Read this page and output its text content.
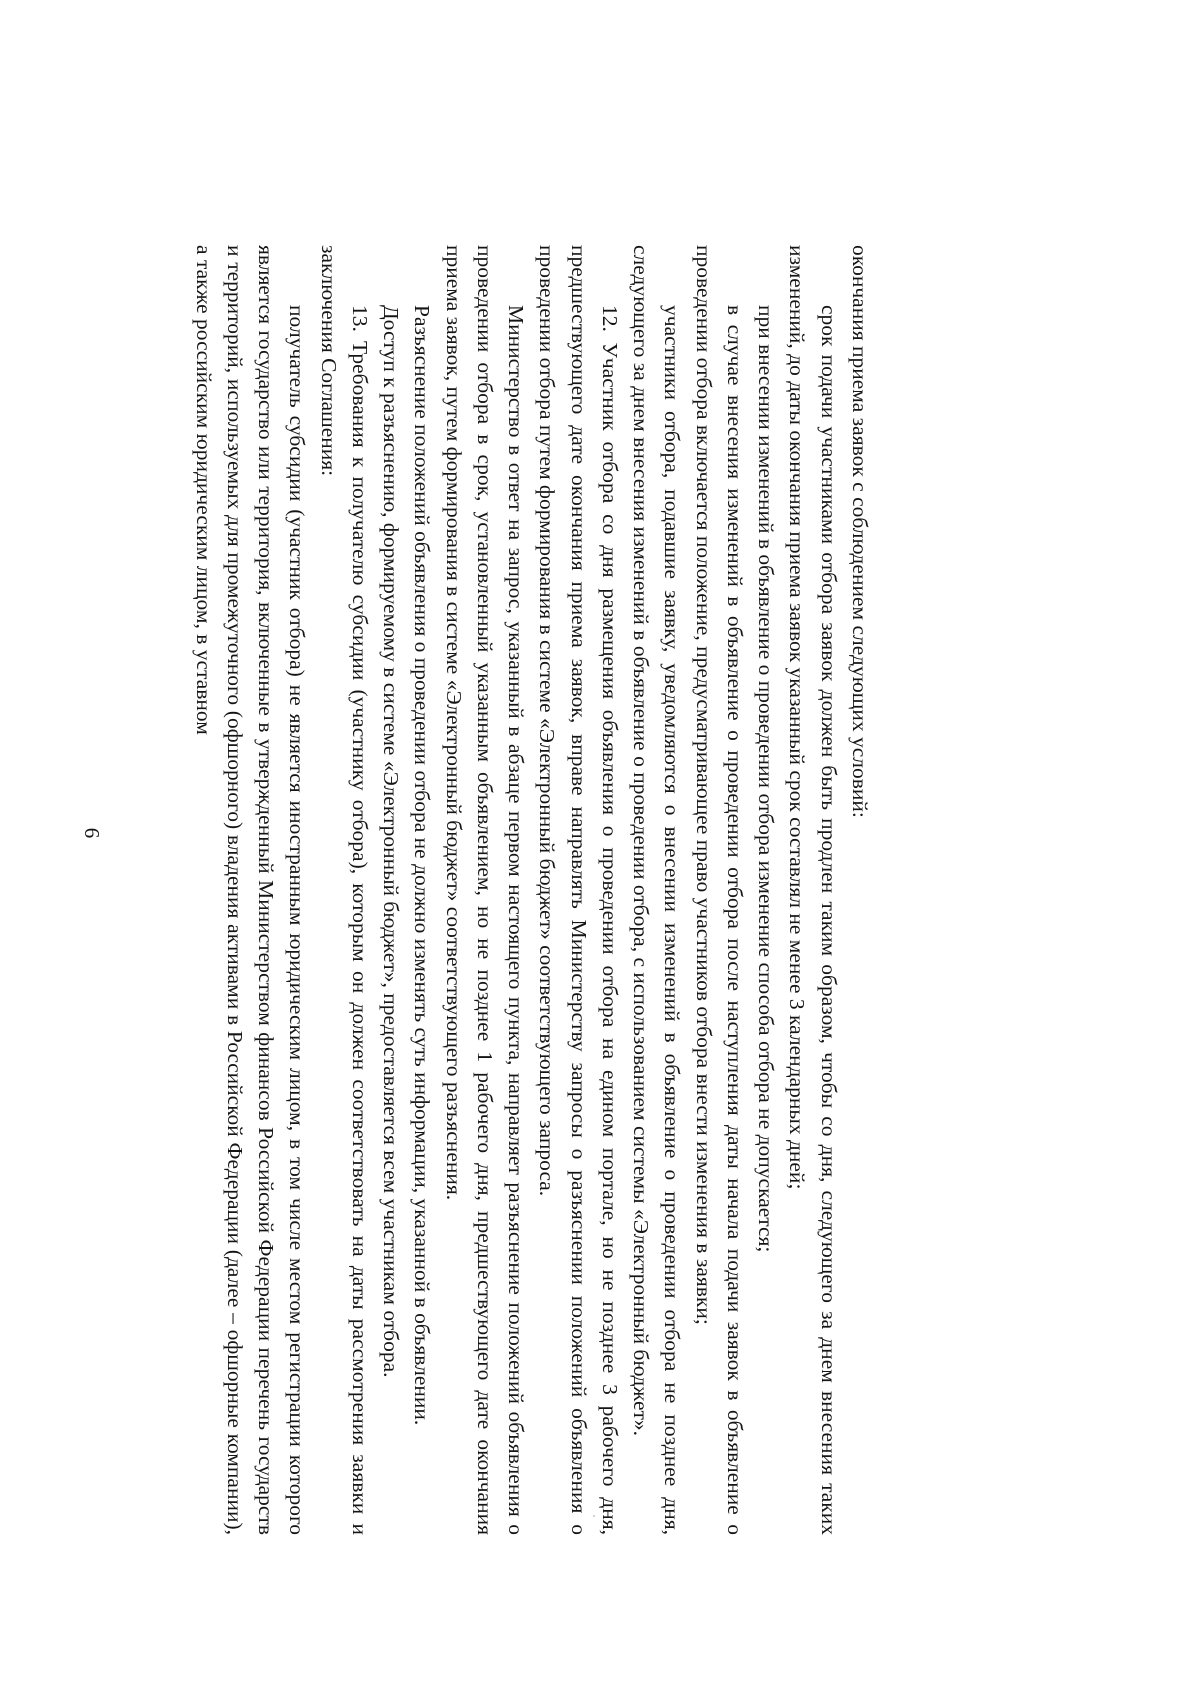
6

окончания приема заявок с соблюдением следующих условий:

срок подачи участниками отбора заявок должен быть продлен таким образом, чтобы со дня, следующего за днем внесения таких изменений, до даты окончания приема заявок указанный срок составлял не менее 3 календарных дней;

при внесении изменений в объявление о проведении отбора изменение способа отбора не допускается;

в случае внесения изменений в объявление о проведении отбора после наступления даты начала подачи заявок в объявление о проведении отбора включается положение, предусматривающее право участников отбора внести изменения в заявки;

участники отбора, подавшие заявку, уведомляются о внесении изменений в объявление о проведении отбора не позднее дня, следующего за днем внесения изменений в объявление о проведении отбора, с использованием системы «Электронный бюджет».

12. Участник отбора со дня размещения объявления о проведении отбора на едином портале, но не позднее 3 рабочего дня, предшествующего дате окончания приема заявок, вправе направлять Министерству запросы о разъяснении положений объявления о проведении отбора путем формирования в системе «Электронный бюджет» соответствующего запроса.

Министерство в ответ на запрос, указанный в абзаце первом настоящего пункта, направляет разъяснение положений объявления о проведении отбора в срок, установленный указанным объявлением, но не позднее 1 рабочего дня, предшествующего дате окончания приема заявок, путем формирования в системе «Электронный бюджет» соответствующего разъяснения.

Разъяснение положений объявления о проведении отбора не должно изменять суть информации, указанной в объявлении.

Доступ к разъяснению, формируемому в системе «Электронный бюджет», предоставляется всем участникам отбора.

13. Требования к получателю субсидии (участнику отбора), которым он должен соответствовать на даты рассмотрения заявки и заключения Соглашения:

получатель субсидии (участник отбора) не является иностранным юридическим лицом, в том числе местом регистрации которого является государство или территория, включенные в утвержденный Министерством финансов Российской Федерации перечень государств и территорий, используемых для промежуточного (офшорного) владения активами в Российской Федерации (далее – офшорные компании), а также российским юридическим лицом, в уставном
